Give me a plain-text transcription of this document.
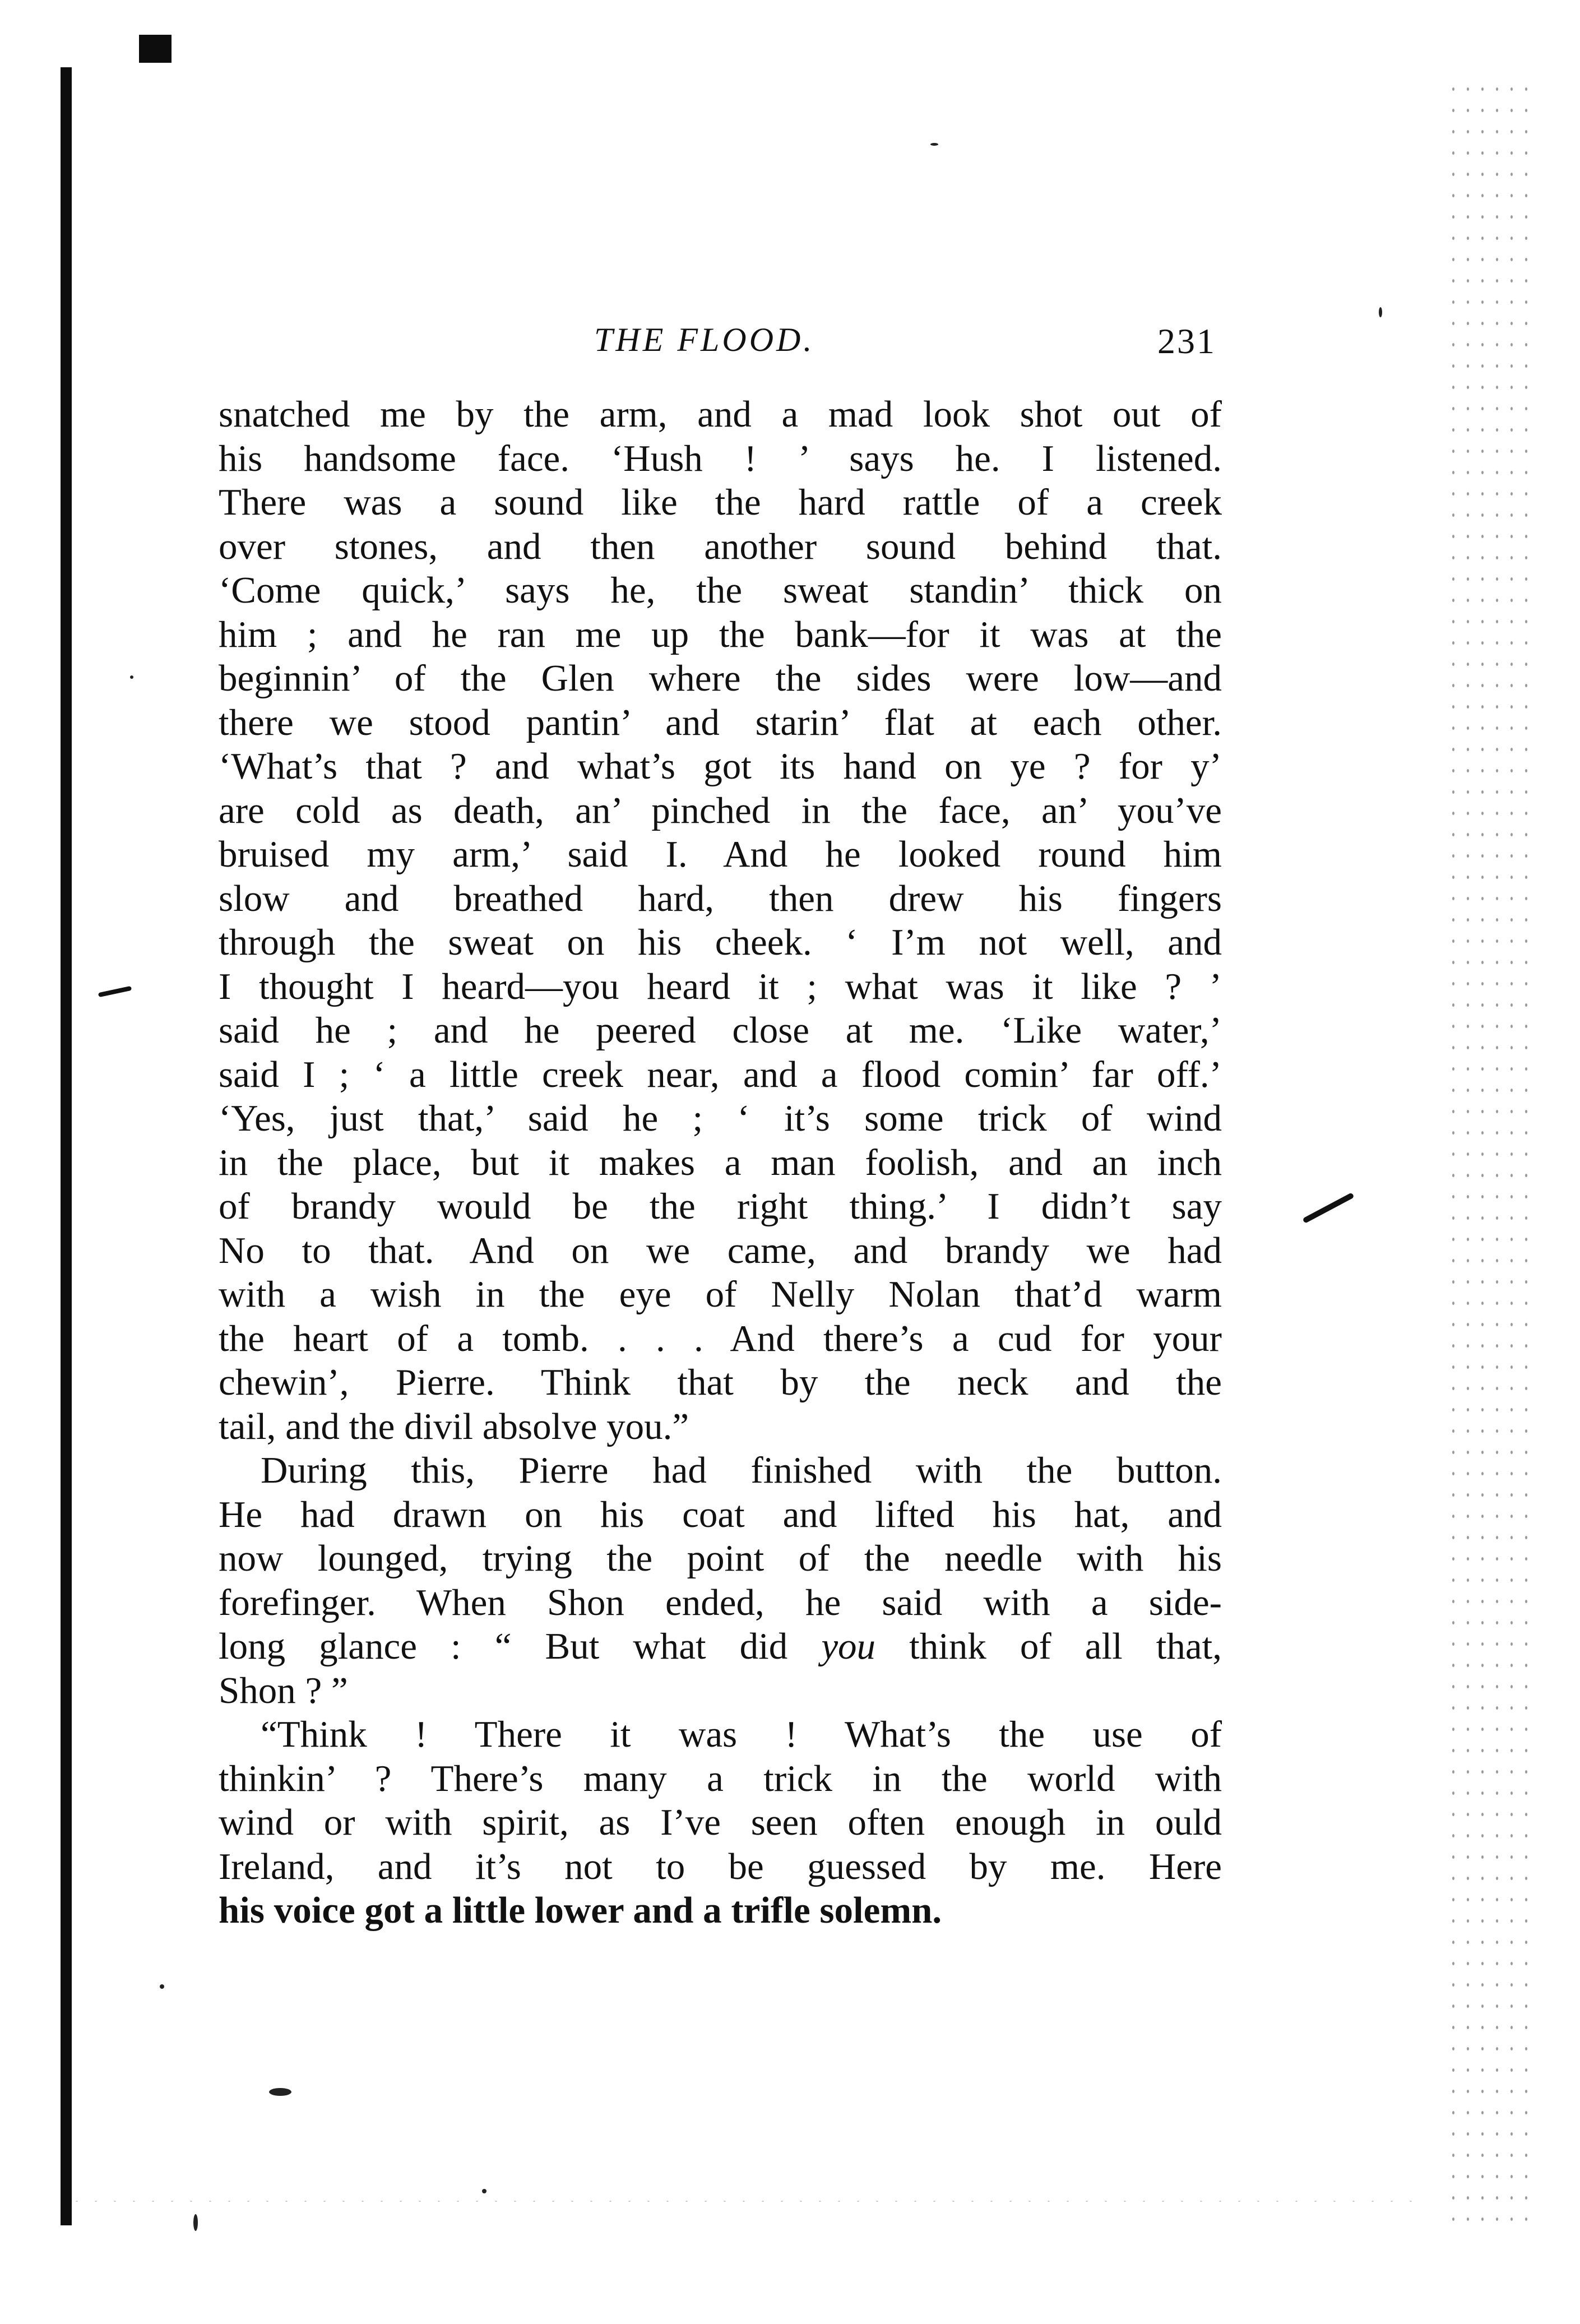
THE FLOOD.	231
snatched me by the arm, and a mad look shot out of
his handsome face. ‘Hush ! ’ says he. I listened.
There was a sound like the hard rattle of a creek
over stones, and then another sound behind that.
‘Come quick,’ says he, the sweat standin’ thick on
him ; and he ran me up the bank—for it was at the
beginnin’ of the Glen where the sides were low—and
there we stood pantin’ and starin’ flat at each other.
‘What’s that ? and what’s got its hand on ye ? for y’
are cold as death, an’ pinched in the face, an’ you’ve
bruised my arm,’ said I. And he looked round him
slow and breathed hard, then drew his fingers
through the sweat on his cheek. ‘ I’m not well, and
I thought I heard—you heard it ; what was it like ? ’
said he ; and he peered close at me. ‘Like water,’
said I ; ‘ a little creek near, and a flood comin’ far off.’
‘Yes, just that,’ said he ; ‘ it’s some trick of wind
in the place, but it makes a man foolish, and an inch
of brandy would be the right thing.’ I didn’t say
No to that. And on we came, and brandy we had
with a wish in the eye of Nelly Nolan that’d warm
the heart of a tomb. . . . And there’s a cud for your
chewin’, Pierre. Think that by the neck and the
tail, and the divil absolve you.”
During this, Pierre had finished with the button.
He had drawn on his coat and lifted his hat, and
now lounged, trying the point of the needle with his
forefinger. When Shon ended, he said with a side-
long glance : “ But what did you think of all that,
Shon ? ”
“Think ! There it was ! What’s the use of
thinkin’ ? There’s many a trick in the world with
wind or with spirit, as I’ve seen often enough in ould
Ireland, and it’s not to be guessed by me. Here
his voice got a little lower and a trifle solemn.
